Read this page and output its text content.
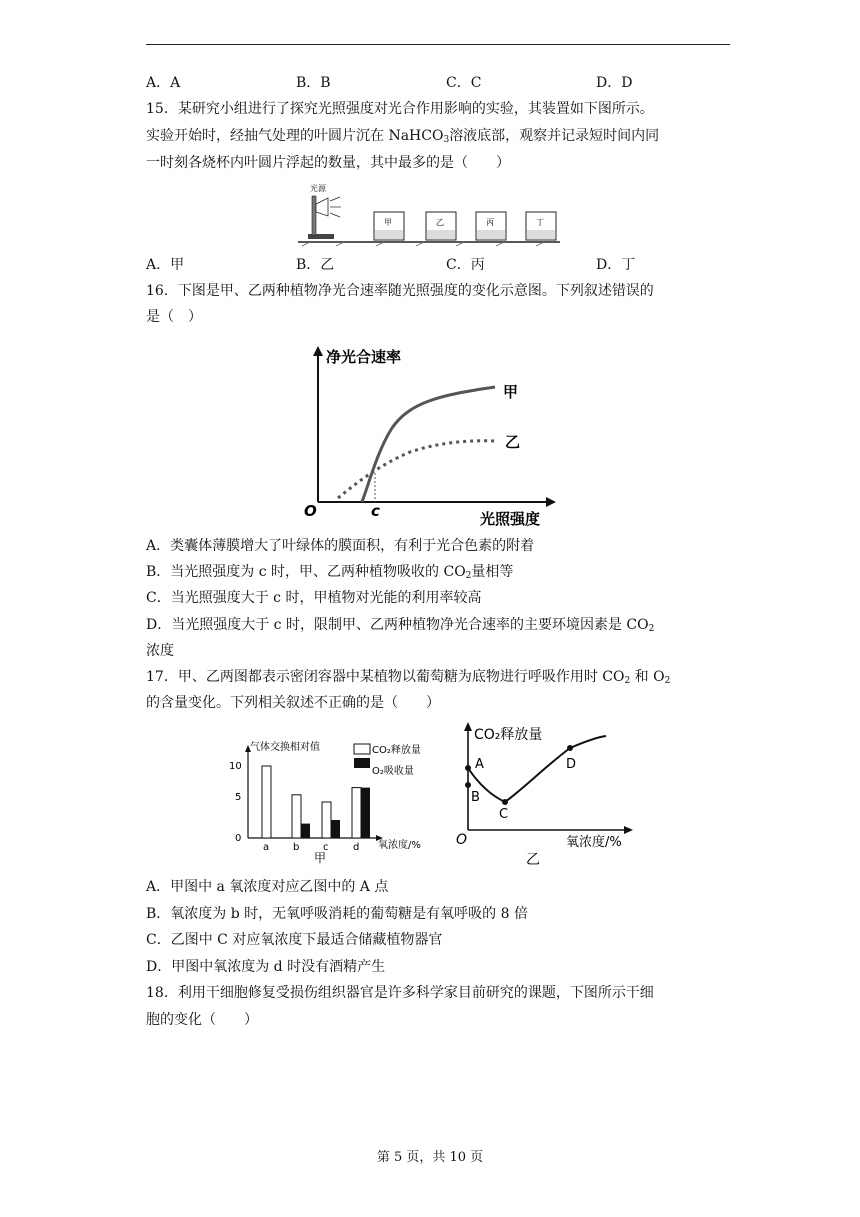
A．A	B．B	C．C	D．D
15．某研究小组进行了探究光照强度对光合作用影响的实验，其装置如下图所示。
实验开始时，经抽气处理的叶圆片沉在 NaHCO$_3$溶液底部，观察并记录短时间内同
一时刻各烧杯内叶圆片浮起的数量，其中最多的是（　　）
光源
甲	乙	丙	丁
A．甲	B．乙	C．丙	D．丁
16．下图是甲、乙两种植物净光合速率随光照强度的变化示意图。下列叙述错误的
是（　）
净光合速率
光照强度
O	c
甲
乙
A．类囊体薄膜增大了叶绿体的膜面积，有利于光合色素的附着
B．当光照强度为 c 时，甲、乙两种植物吸收的 $CO_2$量相等
C．当光照强度大于 c 时，甲植物对光能的利用率较高
D．当光照强度大于 c 时，限制甲、乙两种植物净光合速率的主要环境因素是 $CO_2$
浓度
17．甲、乙两图都表示密闭容器中某植物以葡萄糖为底物进行呼吸作用时 $CO_2$ 和 $O_2$
的含量变化。下列相关叙述不正确的是（　　）
气体交换相对值
0
5
10
CO₂释放量
O₂吸收量
a b c d 氧浓度/%
甲
CO₂释放量
O	氧浓度/%
乙
A
B
C
D
A．甲图中 a 氧浓度对应乙图中的 A 点
B．氧浓度为 b 时，无氧呼吸消耗的葡萄糖是有氧呼吸的 8 倍
C．乙图中 C 对应氧浓度下最适合储藏植物器官
D．甲图中氧浓度为 d 时没有酒精产生
18．利用干细胞修复受损伤组织器官是许多科学家目前研究的课题，下图所示干细
胞的变化（　　）
第 5 页，共 10 页
